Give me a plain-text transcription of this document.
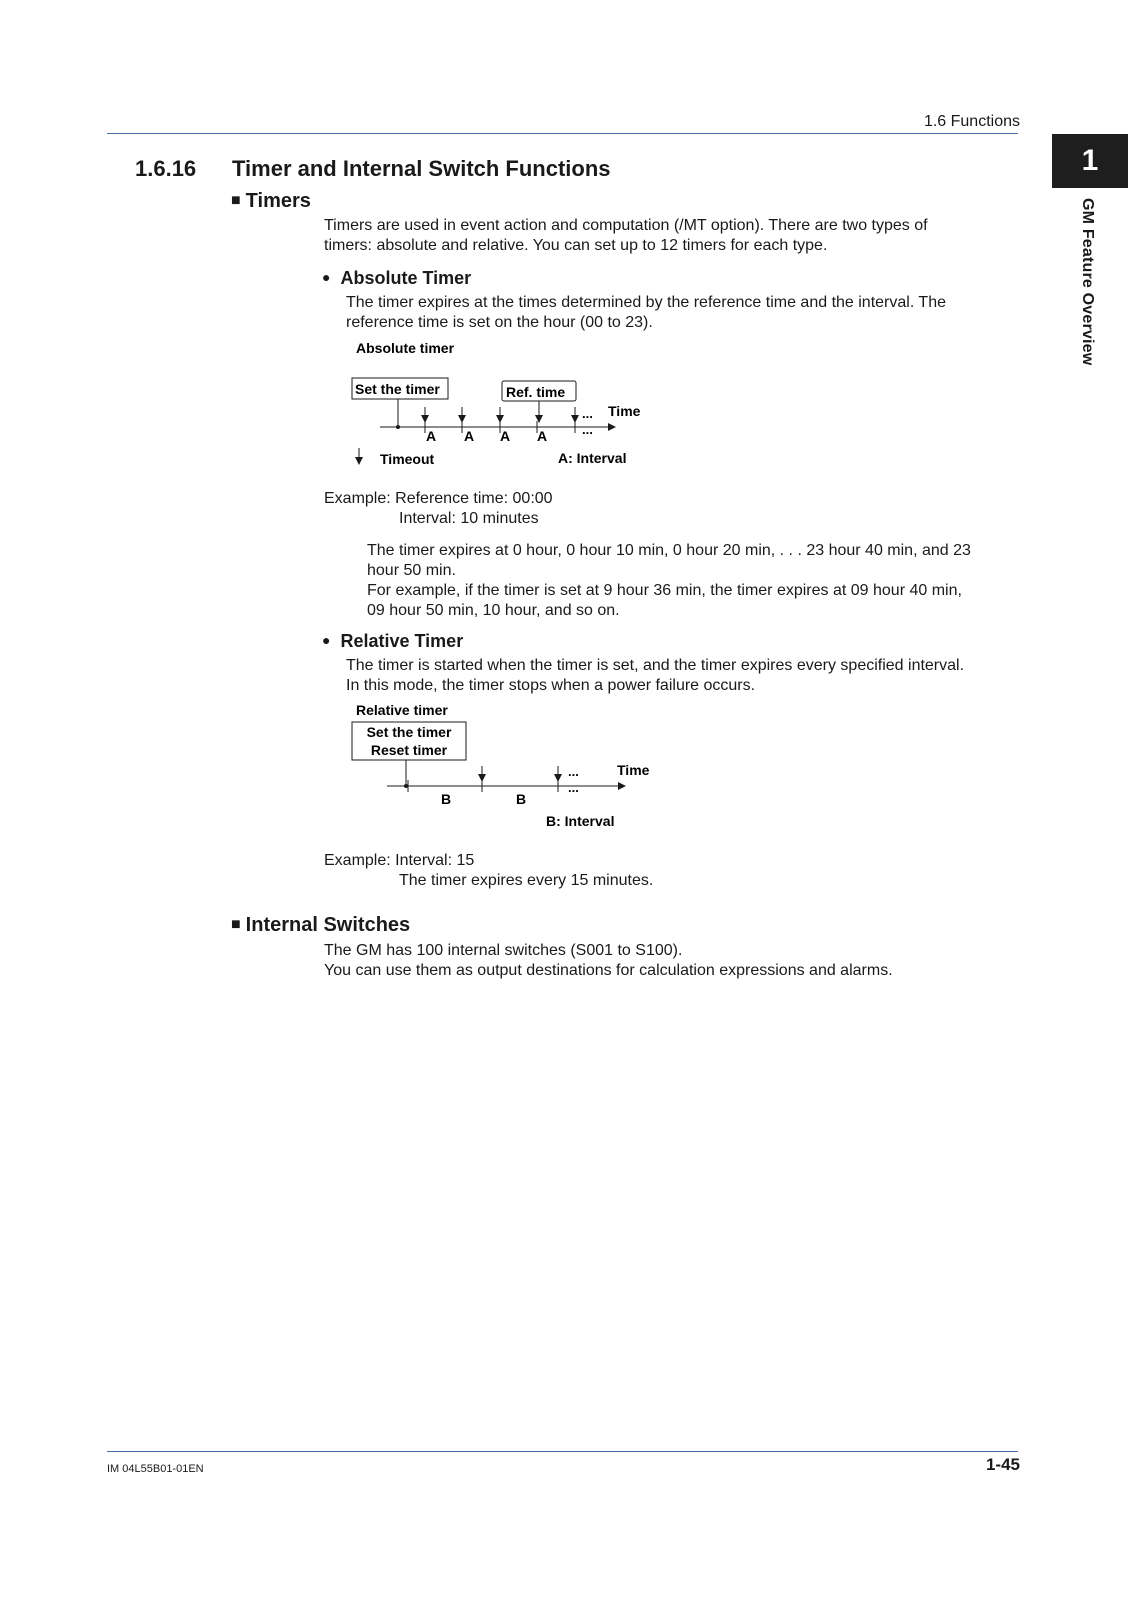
1.6 Functions
1
GM Feature Overview
1.6.16 Timer and Internal Switch Functions
■ Timers
Timers are used in event action and computation (/MT option). There are two types of
timers: absolute and relative. You can set up to 12 timers for each type.
● Absolute Timer
The timer expires at the times determined by the reference time and the interval. The
reference time is set on the hour (00 to 23).
Absolute timer
Set the timer	Ref. time
Time
...
...
A A A A
Timeout	A: Interval
Example: Reference time: 00:00
Interval: 10 minutes
The timer expires at 0 hour, 0 hour 10 min, 0 hour 20 min, . . . 23 hour 40 min, and 23
hour 50 min.
For example, if the timer is set at 9 hour 36 min, the timer expires at 09 hour 40 min,
09 hour 50 min, 10 hour, and so on.
● Relative Timer
The timer is started when the timer is set, and the timer expires every specified interval.
In this mode, the timer stops when a power failure occurs.
Relative timer
Set the timer
Reset timer
Time
...
...
B	B
B: Interval
Example: Interval: 15
The timer expires every 15 minutes.
■ Internal Switches
The GM has 100 internal switches (S001 to S100).
You can use them as output destinations for calculation expressions and alarms.
IM 04L55B01-01EN	1-45
